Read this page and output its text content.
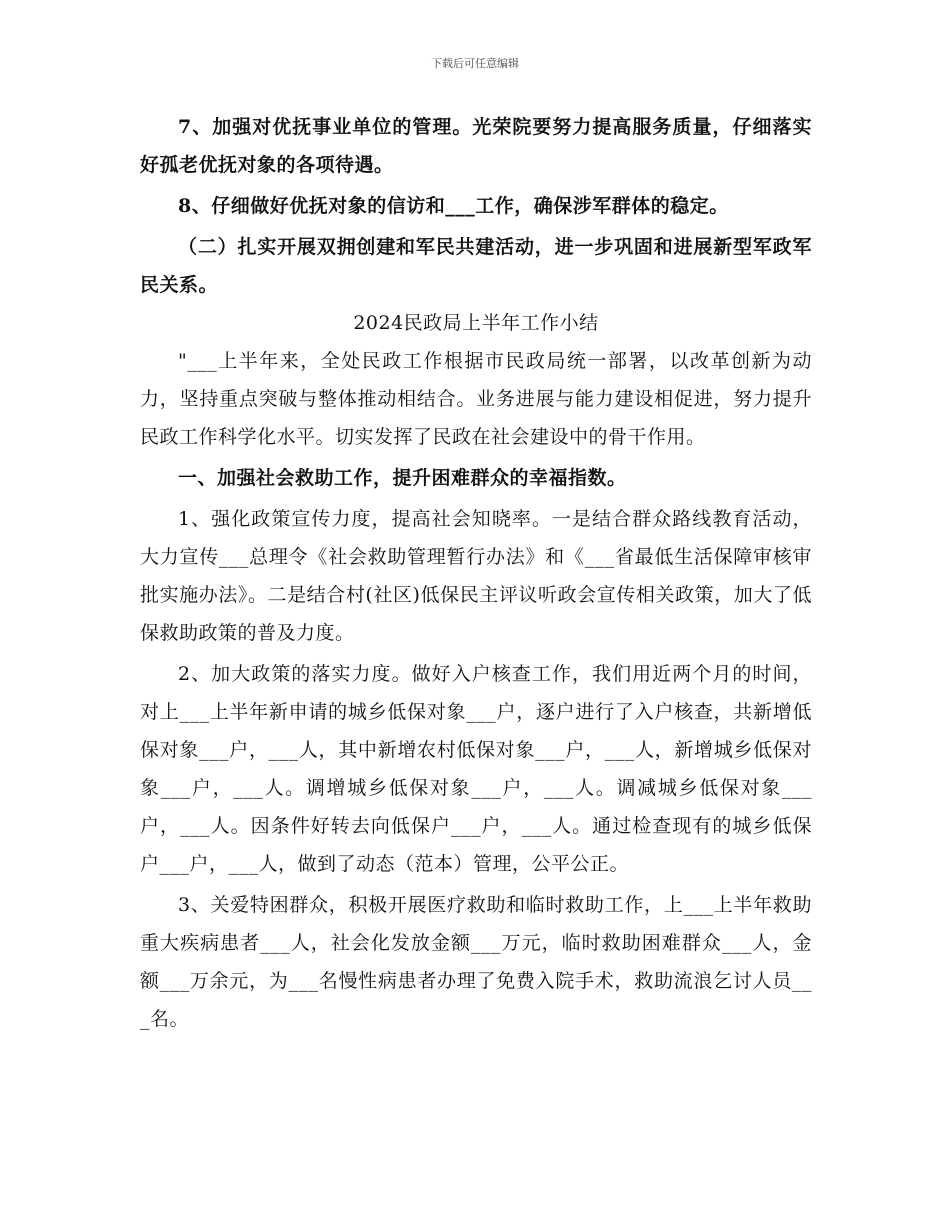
下载后可任意编辑

7、加强对优抚事业单位的管理。光荣院要努力提高服务质量，仔细落实好孤老优抚对象的各项待遇。

8、仔细做好优抚对象的信访和___工作，确保涉军群体的稳定。

（二）扎实开展双拥创建和军民共建活动，进一步巩固和进展新型军政军民关系。

2024民政局上半年工作小结

"___上半年来，全处民政工作根据市民政局统一部署，以改革创新为动力，坚持重点突破与整体推动相结合。业务进展与能力建设相促进，努力提升民政工作科学化水平。切实发挥了民政在社会建设中的骨干作用。

一、加强社会救助工作，提升困难群众的幸福指数。

1、强化政策宣传力度，提高社会知晓率。一是结合群众路线教育活动，大力宣传___总理令《社会救助管理暂行办法》和《___省最低生活保障审核审批实施办法》。二是结合村(社区)低保民主评议听政会宣传相关政策，加大了低保救助政策的普及力度。

2、加大政策的落实力度。做好入户核查工作，我们用近两个月的时间，对上___上半年新申请的城乡低保对象___户，逐户进行了入户核查，共新增低保对象___户，___人，其中新增农村低保对象___户，___人，新增城乡低保对象___户，___人。调增城乡低保对象___户，___人。调减城乡低保对象___户，___人。因条件好转去向低保户___户，___人。通过检查现有的城乡低保户___户，___人，做到了动态（范本）管理，公平公正。

3、关爱特困群众，积极开展医疗救助和临时救助工作，上___上半年救助重大疾病患者___人，社会化发放金额___万元，临时救助困难群众___人，金额___万余元，为___名慢性病患者办理了免费入院手术，救助流浪乞讨人员___名。
